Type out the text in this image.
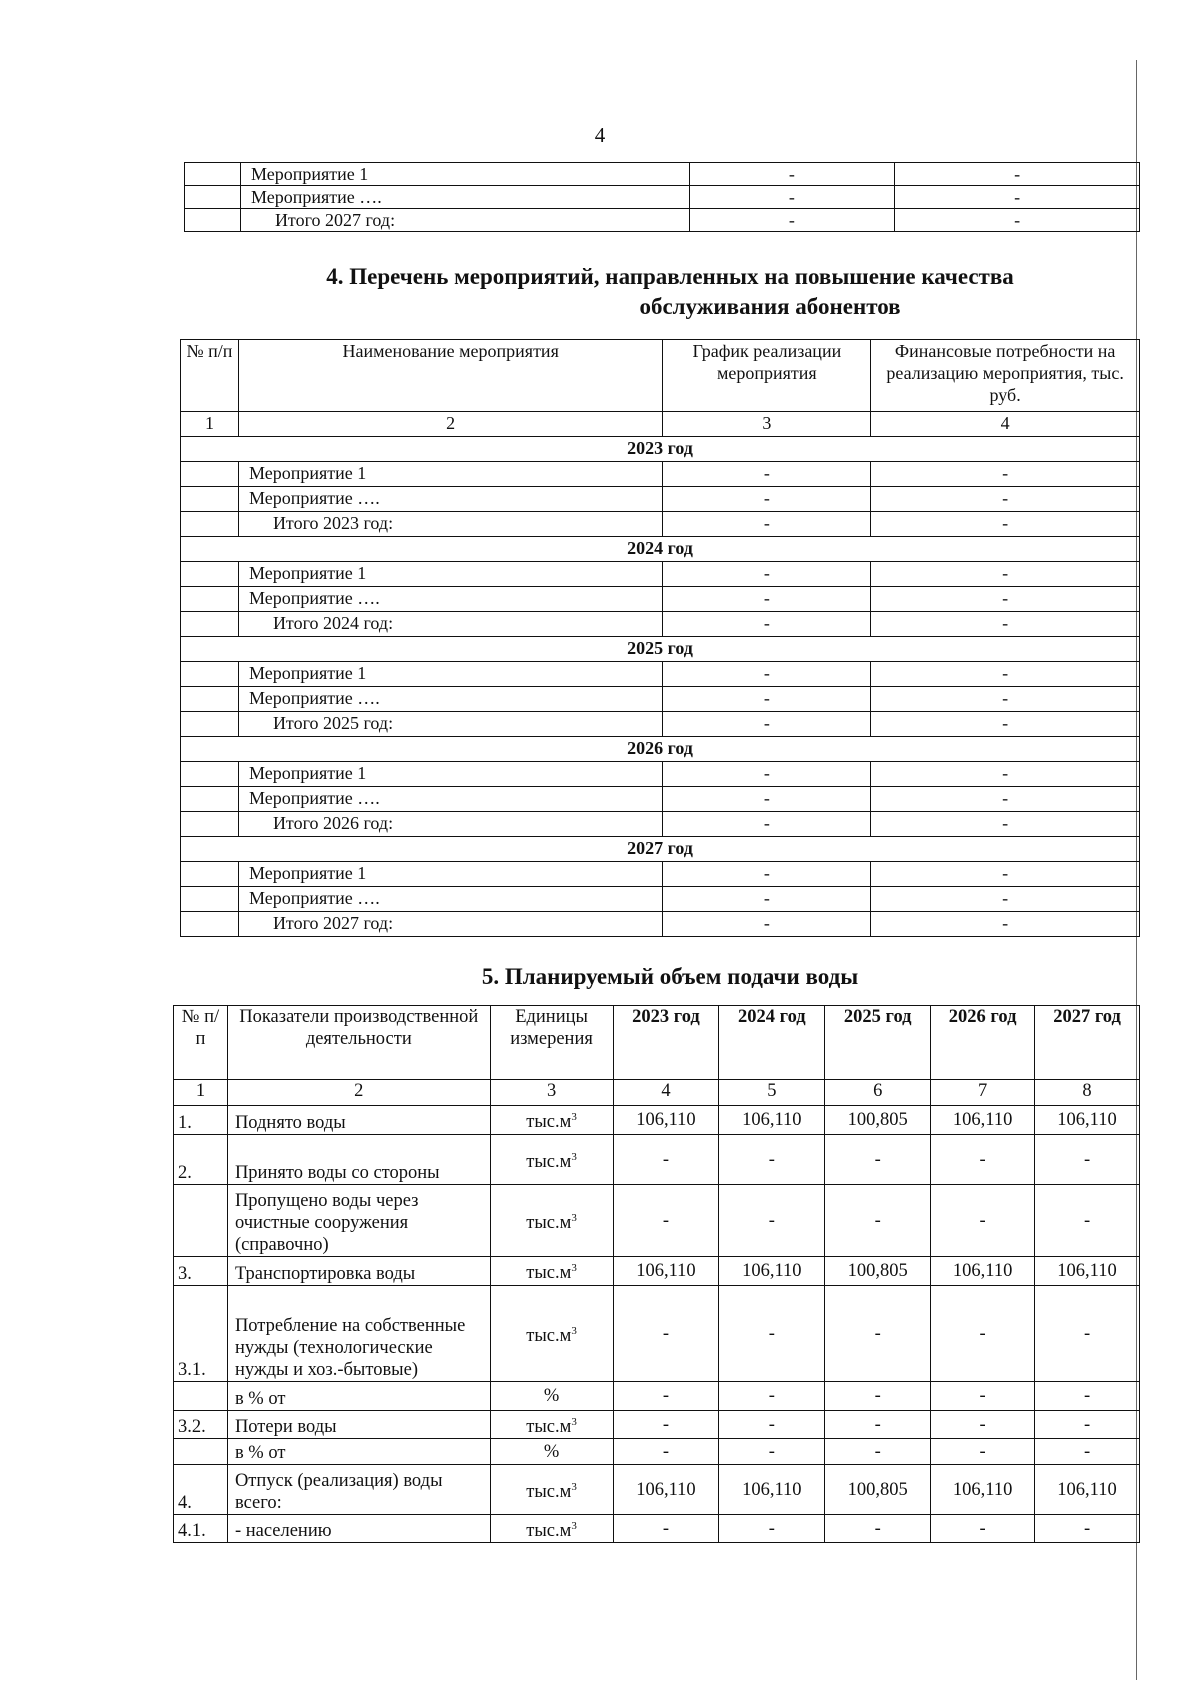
4
	Мероприятие 1	-	-
	Мероприятие ….	-	-
	Итого 2027 год:	-	-
4. Перечень мероприятий, направленных на повышение качества
обслуживания абонентов
№ п/п	Наименование мероприятия	График реализации мероприятия	Финансовые потребности на реализацию мероприятия, тыс. руб.
1	2	3	4
2023 год			
	Мероприятие 1	-	-
	Мероприятие ….	-	-
	Итого 2023 год:	-	-
2024 год			
	Мероприятие 1	-	-
	Мероприятие ….	-	-
	Итого 2024 год:	-	-
2025 год			
	Мероприятие 1	-	-
	Мероприятие ….	-	-
	Итого 2025 год:	-	-
2026 год			
	Мероприятие 1	-	-
	Мероприятие ….	-	-
	Итого 2026 год:	-	-
2027 год			
	Мероприятие 1	-	-
	Мероприятие ….	-	-
	Итого 2027 год:	-	-
5. Планируемый объем подачи воды
№ п/п	Показатели производственной деятельности	Единицы измерения	2023 год	2024 год	2025 год	2026 год	2027 год
1	2	3	4	5	6	7	8
1.	Поднято воды	$тыс.м^3$	106,110	106,110	100,805	106,110	106,110
2.	Принято воды со стороны	$тыс.м^3$	-	-	-	-	-
	Пропущено воды через очистные сооружения (справочно)	$тыс.м^3$	-	-	-	-	-
3.	Транспортировка воды	$тыс.м^3$	106,110	106,110	100,805	106,110	106,110
3.1.	Потребление на собственные нужды (технологические нужды и хоз.-бытовые)	$тыс.м^3$	-	-	-	-	-
	в % от	%	-	-	-	-	-
3.2.	Потери воды	$тыс.м^3$	-	-	-	-	-
	в % от	%	-	-	-	-	-
4.	Отпуск (реализация) воды всего:	$тыс.м^3$	106,110	106,110	100,805	106,110	106,110
4.1.	- населению	$тыс.м^3$	-	-	-	-	-
